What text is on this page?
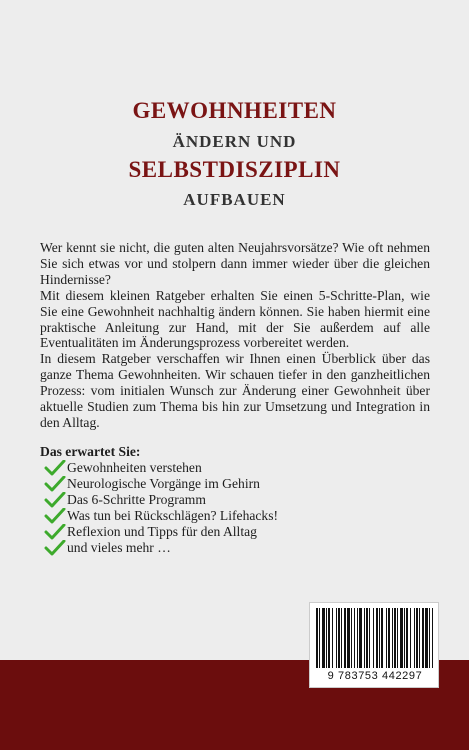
GEWOHNHEITEN
ÄNDERN UND
SELBSTDISZIPLIN
AUFBAUEN

Wer kennt sie nicht, die guten alten Neujahrsvorsätze? Wie oft nehmen Sie sich etwas vor und stolpern dann immer wieder über die gleichen Hindernisse?

Mit diesem kleinen Ratgeber erhalten Sie einen 5-Schritte-Plan, wie Sie eine Gewohnheit nachhaltig ändern können. Sie haben hiermit eine praktische Anleitung zur Hand, mit der Sie außerdem auf alle Eventualitäten im Änderungsprozess vorbereitet werden.

In diesem Ratgeber verschaffen wir Ihnen einen Überblick über das ganze Thema Gewohnheiten. Wir schauen tiefer in den ganzheitlichen Prozess: vom initialen Wunsch zur Änderung einer Gewohnheit über aktuelle Studien zum Thema bis hin zur Umsetzung und Integration in den Alltag.

Das erwartet Sie:
Gewohnheiten verstehen
Neurologische Vorgänge im Gehirn
Das 6-Schritte Programm
Was tun bei Rückschlägen? Lifehacks!
Reflexion und Tipps für den Alltag
und vieles mehr …
9 783753 442297
